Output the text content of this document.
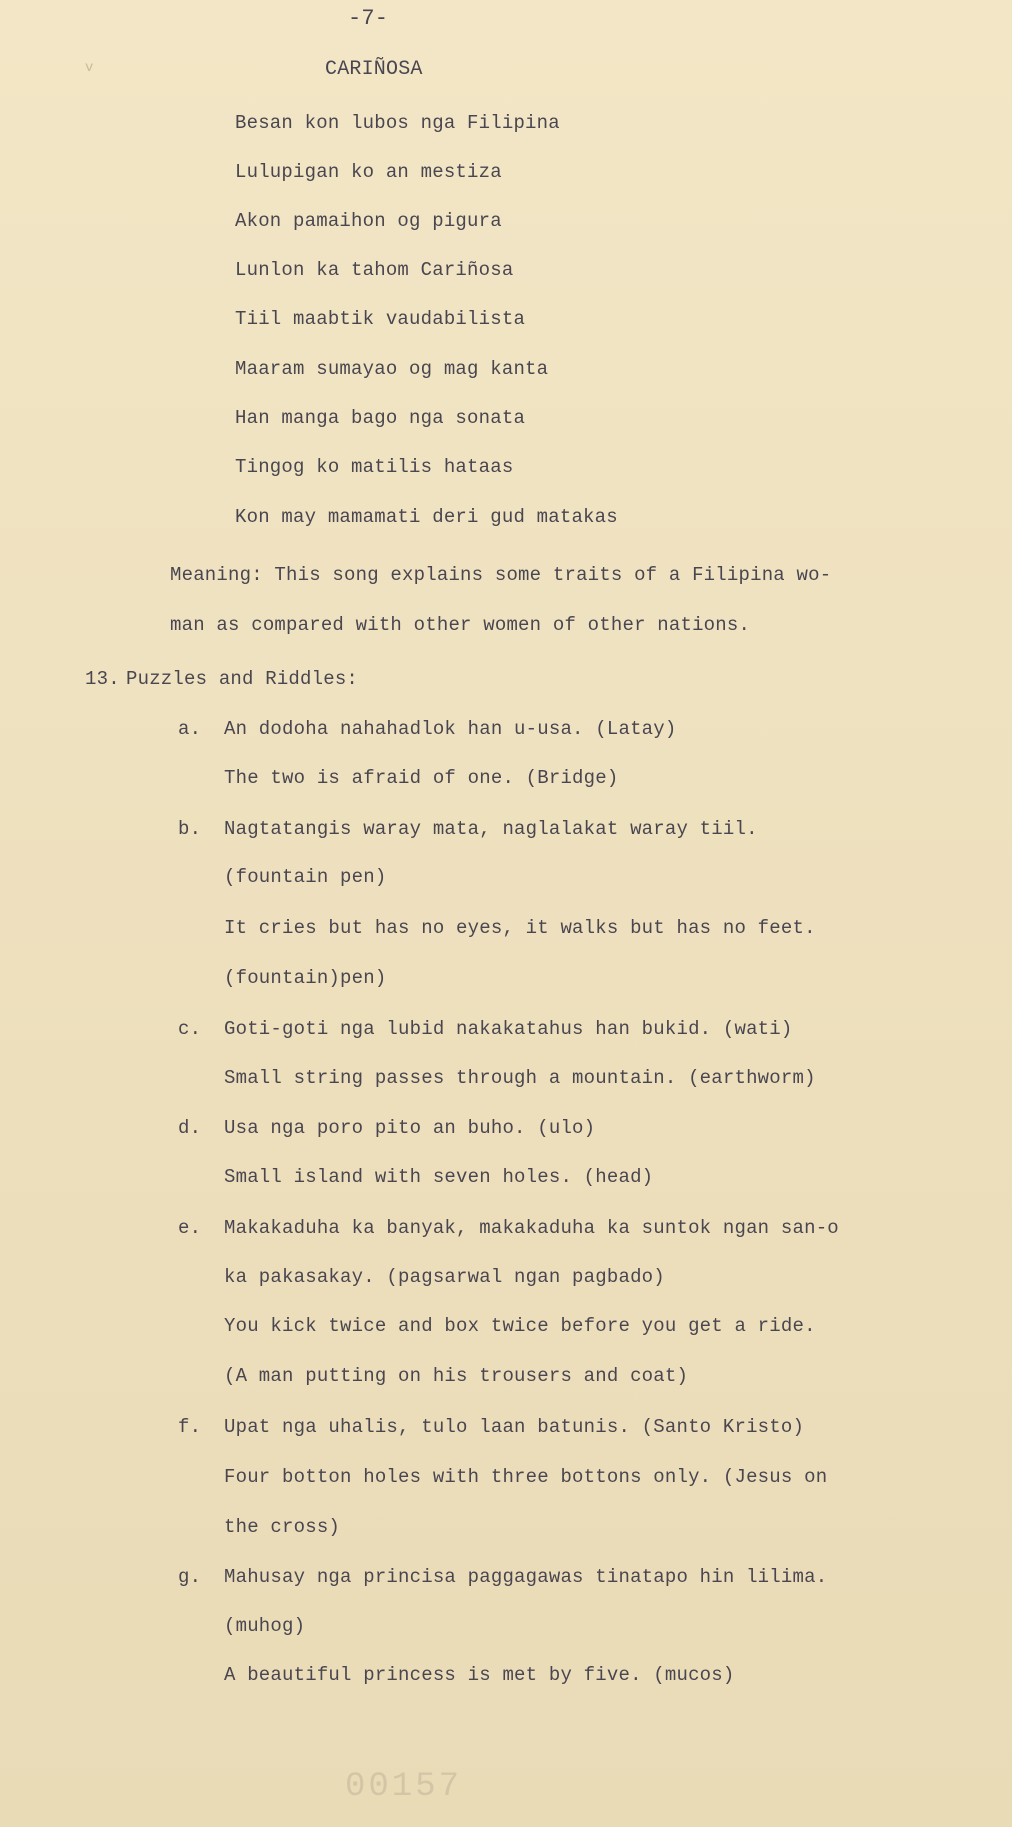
-7-
v	CARIÑOSA
Besan kon lubos nga Filipina
Lulupigan ko an mestiza
Akon pamaihon og pigura
Lunlon ka tahom Cariñosa
Tiil maabtik vaudabilista
Maaram sumayao og mag kanta
Han manga bago nga sonata
Tingog ko matilis hataas
Kon may mamamati deri gud matakas
Meaning: This song explains some traits of a Filipina wo-
man as compared with other women of other nations.
13. Puzzles and Riddles:
a. An dodoha nahahadlok han u-usa. (Latay)
The two is afraid of one. (Bridge)
b. Nagtatangis waray mata, naglalakat waray tiil.
(fountain pen)
It cries but has no eyes, it walks but has no feet.
(fountain)pen)
c. Goti-goti nga lubid nakakatahus han bukid. (wati)
Small string passes through a mountain. (earthworm)
d. Usa nga poro pito an buho. (ulo)
Small island with seven holes. (head)
e. Makakaduha ka banyak, makakaduha ka suntok ngan san-o
ka pakasakay. (pagsarwal ngan pagbado)
You kick twice and box twice before you get a ride.
(A man putting on his trousers and coat)
f. Upat nga uhalis, tulo laan batunis. (Santo Kristo)
Four botton holes with three bottons only. (Jesus on
the cross)
g. Mahusay nga princisa paggagawas tinatapo hin lilima.
(muhog)
A beautiful princess is met by five. (mucos)
00157
